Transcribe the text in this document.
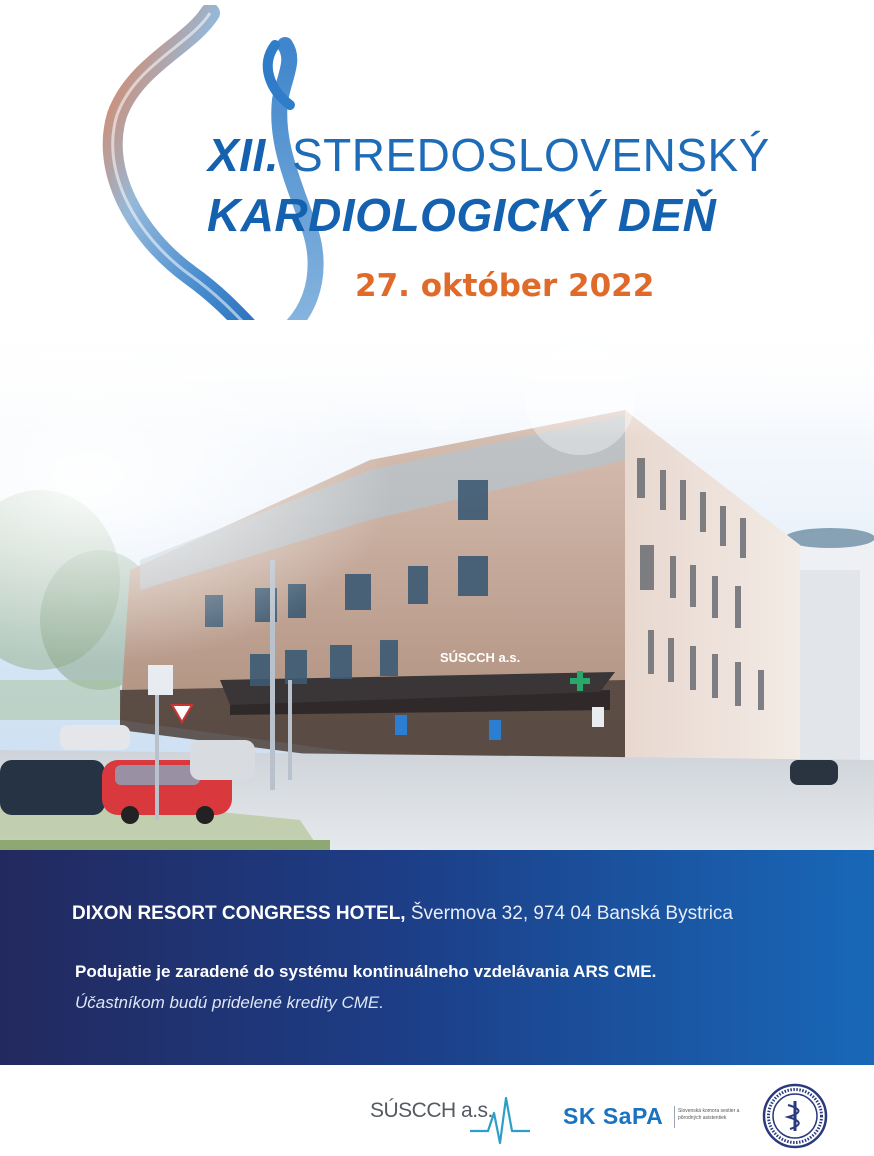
XII. STREDOSLOVENSKÝ
KARDIOLOGICKÝ DEŇ
27. október 2022
DIXON RESORT CONGRESS HOTEL, Švermova 32, 974 04 Banská Bystrica
Podujatie je zaradené do systému kontinuálneho vzdelávania ARS CME.
Účastníkom budú pridelené kredity CME.
SÚSCCH a.s.	SK SaPA	Slovenská komora sestier a pôrodných asistentiek
